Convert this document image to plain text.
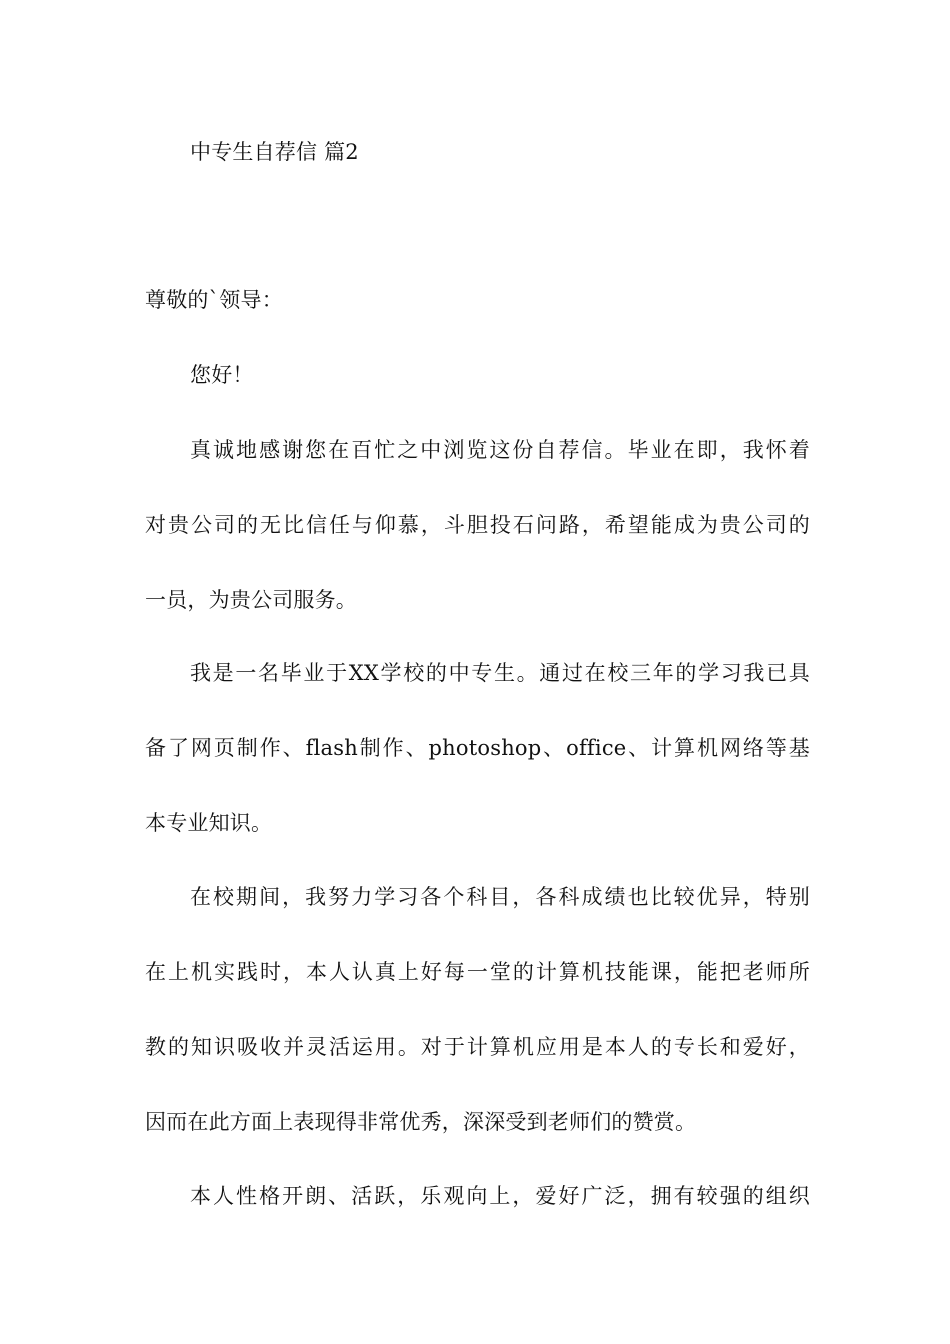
中专生自荐信 篇2
尊敬的`领导：
您好！
真诚地感谢您在百忙之中浏览这份自荐信。毕业在即，我怀着
对贵公司的无比信任与仰慕，斗胆投石问路，希望能成为贵公司的
一员，为贵公司服务。
我是一名毕业于XX学校的中专生。通过在校三年的学习我已具
备了网页制作、flash制作、photoshop、office、计算机网络等基
本专业知识。
在校期间，我努力学习各个科目，各科成绩也比较优异，特别
在上机实践时，本人认真上好每一堂的计算机技能课，能把老师所
教的知识吸收并灵活运用。对于计算机应用是本人的专长和爱好，
因而在此方面上表现得非常优秀，深深受到老师们的赞赏。
本人性格开朗、活跃，乐观向上，爱好广泛，拥有较强的组织
